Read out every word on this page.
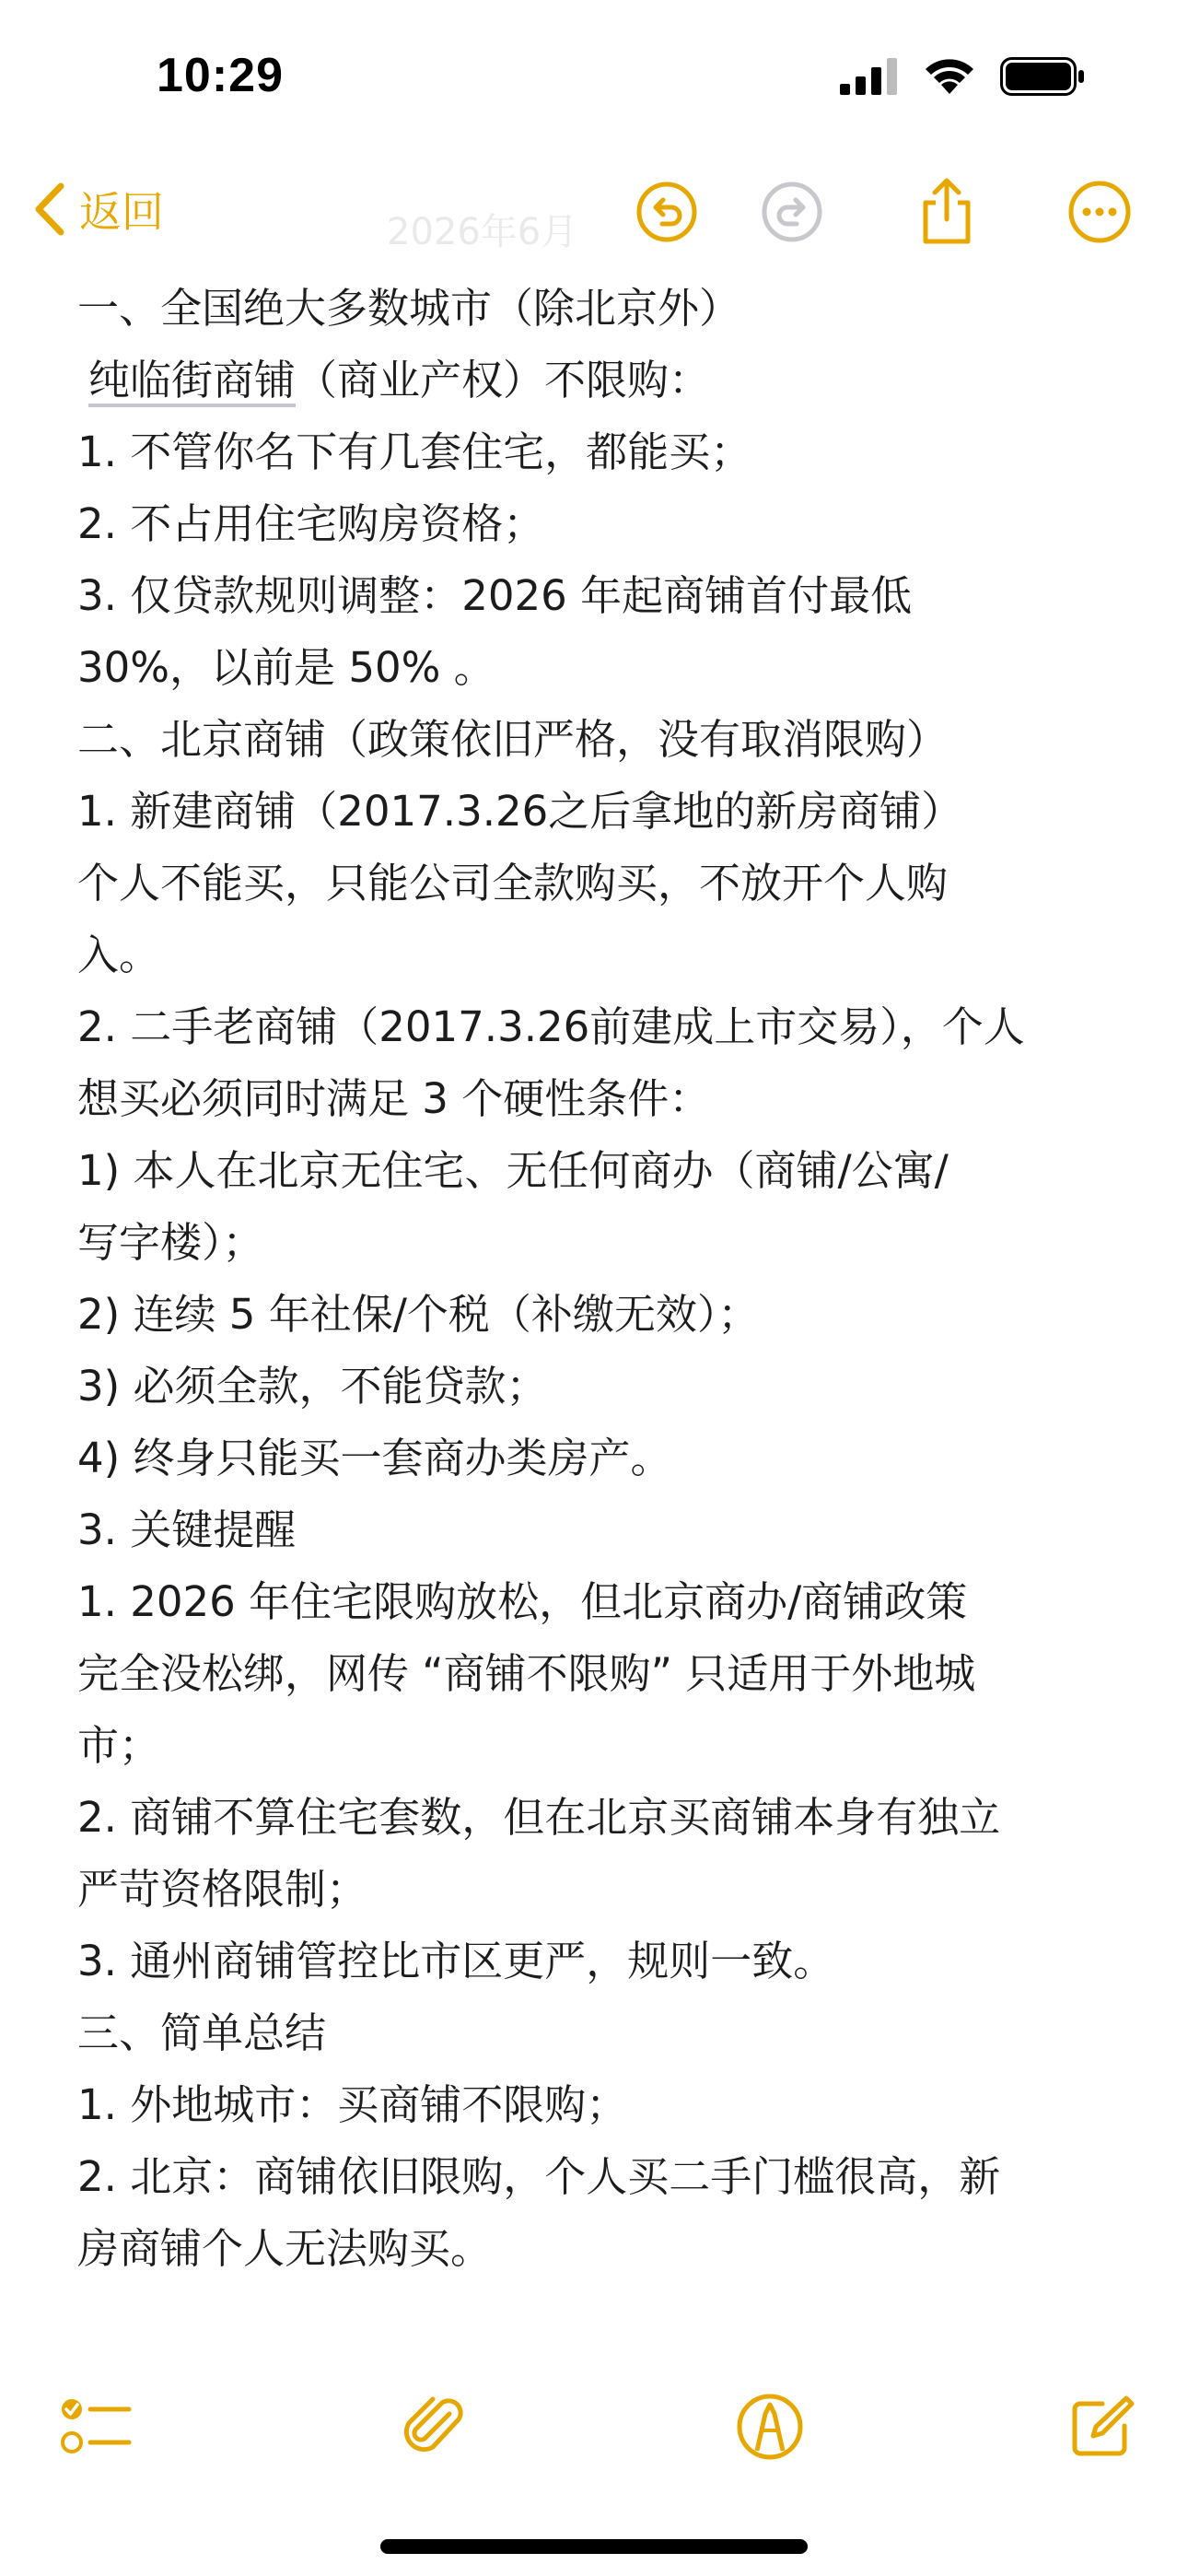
10:29
2026年6月
返回
一、全国绝大多数城市（除北京外）
纯临街商铺（商业产权）不限购：
1. 不管你名下有几套住宅，都能买；
2. 不占用住宅购房资格；
3. 仅贷款规则调整：2026 年起商铺首付最低
30%，以前是 50% 。
二、北京商铺（政策依旧严格，没有取消限购）
1. 新建商铺（2017.3.26之后拿地的新房商铺）
个人不能买，只能公司全款购买，不放开个人购
入。
2. 二手老商铺（2017.3.26前建成上市交易），个人
想买必须同时满足 3 个硬性条件：
1) 本人在北京无住宅、无任何商办（商铺/公寓/
写字楼）；
2) 连续 5 年社保/个税（补缴无效）；
3) 必须全款，不能贷款；
4) 终身只能买一套商办类房产。
3. 关键提醒
1. 2026 年住宅限购放松，但北京商办/商铺政策
完全没松绑，网传 “商铺不限购” 只适用于外地城
市；
2. 商铺不算住宅套数，但在北京买商铺本身有独立
严苛资格限制；
3. 通州商铺管控比市区更严，规则一致。
三、简单总结
1. 外地城市：买商铺不限购；
2. 北京：商铺依旧限购，个人买二手门槛很高，新
房商铺个人无法购买。
